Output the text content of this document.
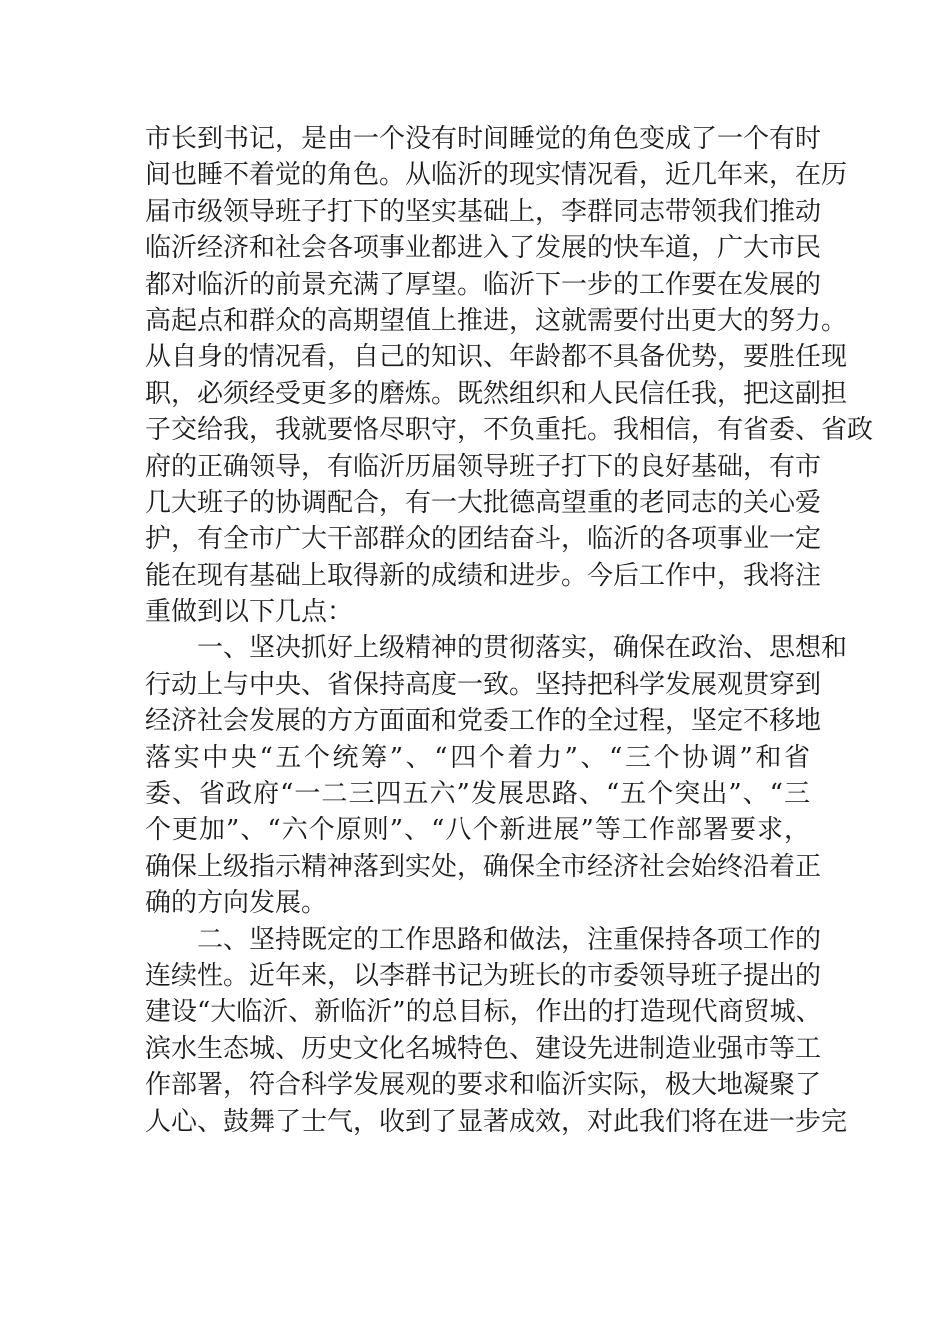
市长到书记，是由一个没有时间睡觉的角色变成了一个有时
间也睡不着觉的角色。从临沂的现实情况看，近几年来，在历
届市级领导班子打下的坚实基础上，李群同志带领我们推动
临沂经济和社会各项事业都进入了发展的快车道，广大市民
都对临沂的前景充满了厚望。临沂下一步的工作要在发展的
高起点和群众的高期望值上推进，这就需要付出更大的努力。
从自身的情况看，自己的知识、年龄都不具备优势，要胜任现
职，必须经受更多的磨炼。既然组织和人民信任我，把这副担
子交给我，我就要恪尽职守，不负重托。我相信，有省委、省政
府的正确领导，有临沂历届领导班子打下的良好基础，有市
几大班子的协调配合，有一大批德高望重的老同志的关心爱
护，有全市广大干部群众的团结奋斗，临沂的各项事业一定
能在现有基础上取得新的成绩和进步。今后工作中，我将注
重做到以下几点：
一、坚决抓好上级精神的贯彻落实，确保在政治、思想和
行动上与中央、省保持高度一致。坚持把科学发展观贯穿到
经济社会发展的方方面面和党委工作的全过程，坚定不移地
落实中央“五个统筹”、“四个着力”、“三个协调”和省
委、省政府“一二三四五六”发展思路、“五个突出”、“三
个更加”、“六个原则”、“八个新进展”等工作部署要求，
确保上级指示精神落到实处，确保全市经济社会始终沿着正
确的方向发展。
二、坚持既定的工作思路和做法，注重保持各项工作的
连续性。近年来，以李群书记为班长的市委领导班子提出的
建设“大临沂、新临沂”的总目标，作出的打造现代商贸城、
滨水生态城、历史文化名城特色、建设先进制造业强市等工
作部署，符合科学发展观的要求和临沂实际，极大地凝聚了
人心、鼓舞了士气，收到了显著成效，对此我们将在进一步完
